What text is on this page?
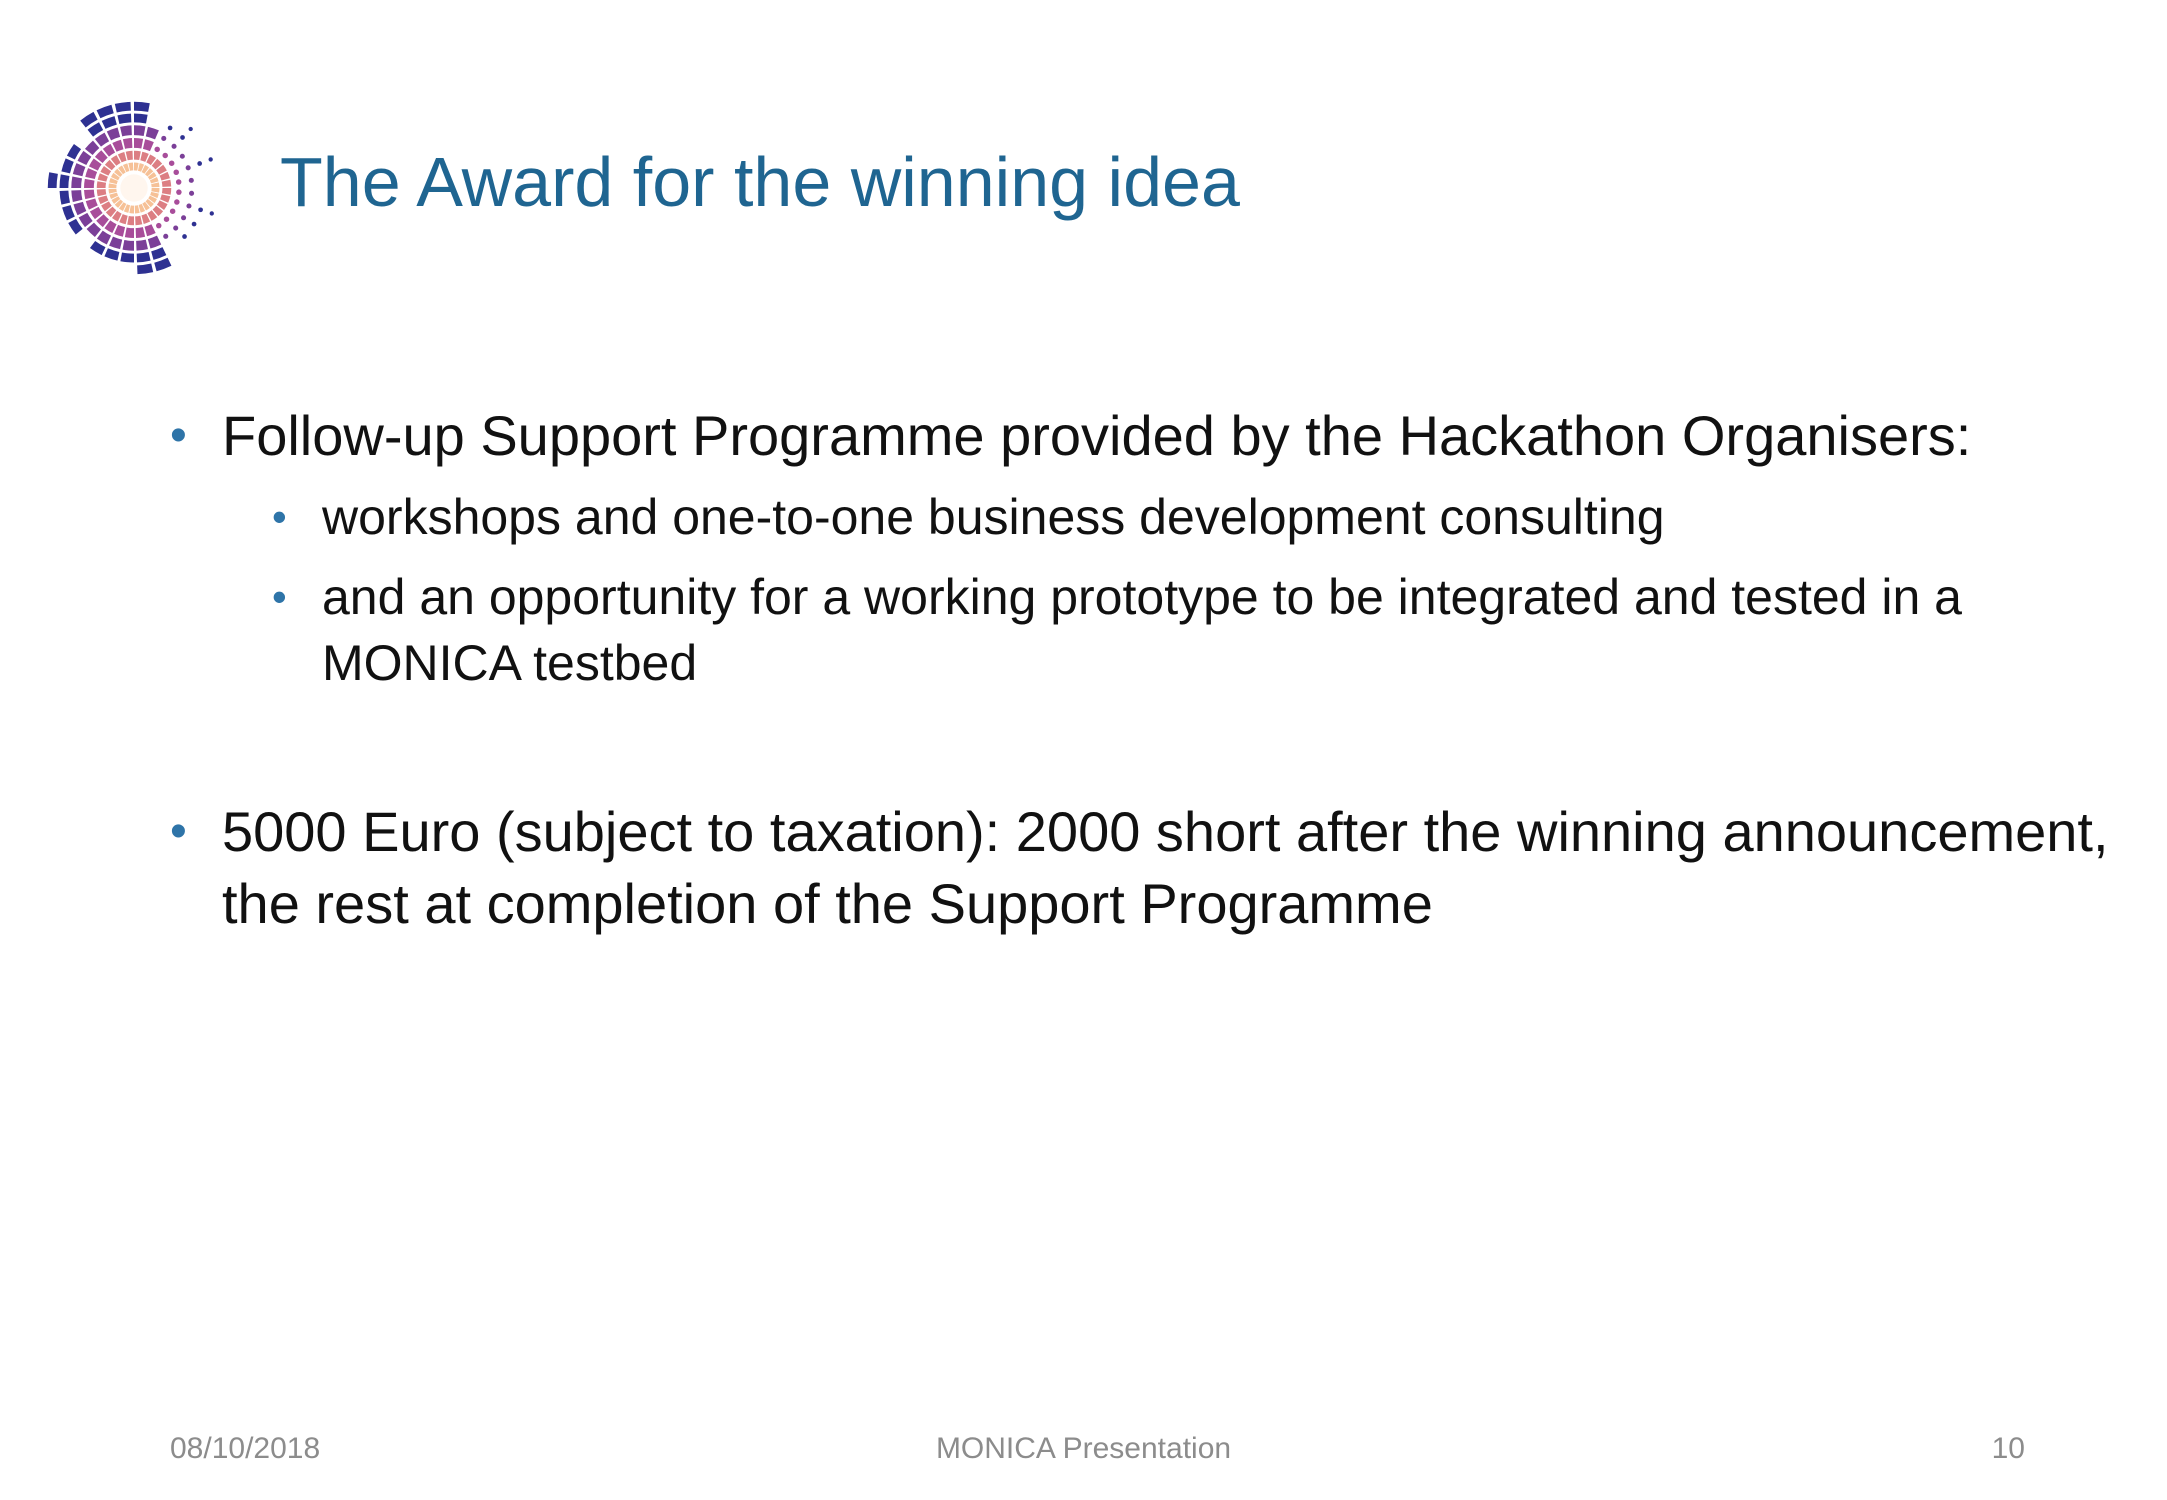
The Award for the winning idea
• Follow-up Support Programme provided by the Hackathon Organisers:
• workshops and one-to-one business development consulting
• and an opportunity for a working prototype to be integrated and tested in a MONICA testbed
• 5000 Euro (subject to taxation): 2000 short after the winning announcement, the rest at completion of the Support Programme
08/10/2018	MONICA Presentation	10
